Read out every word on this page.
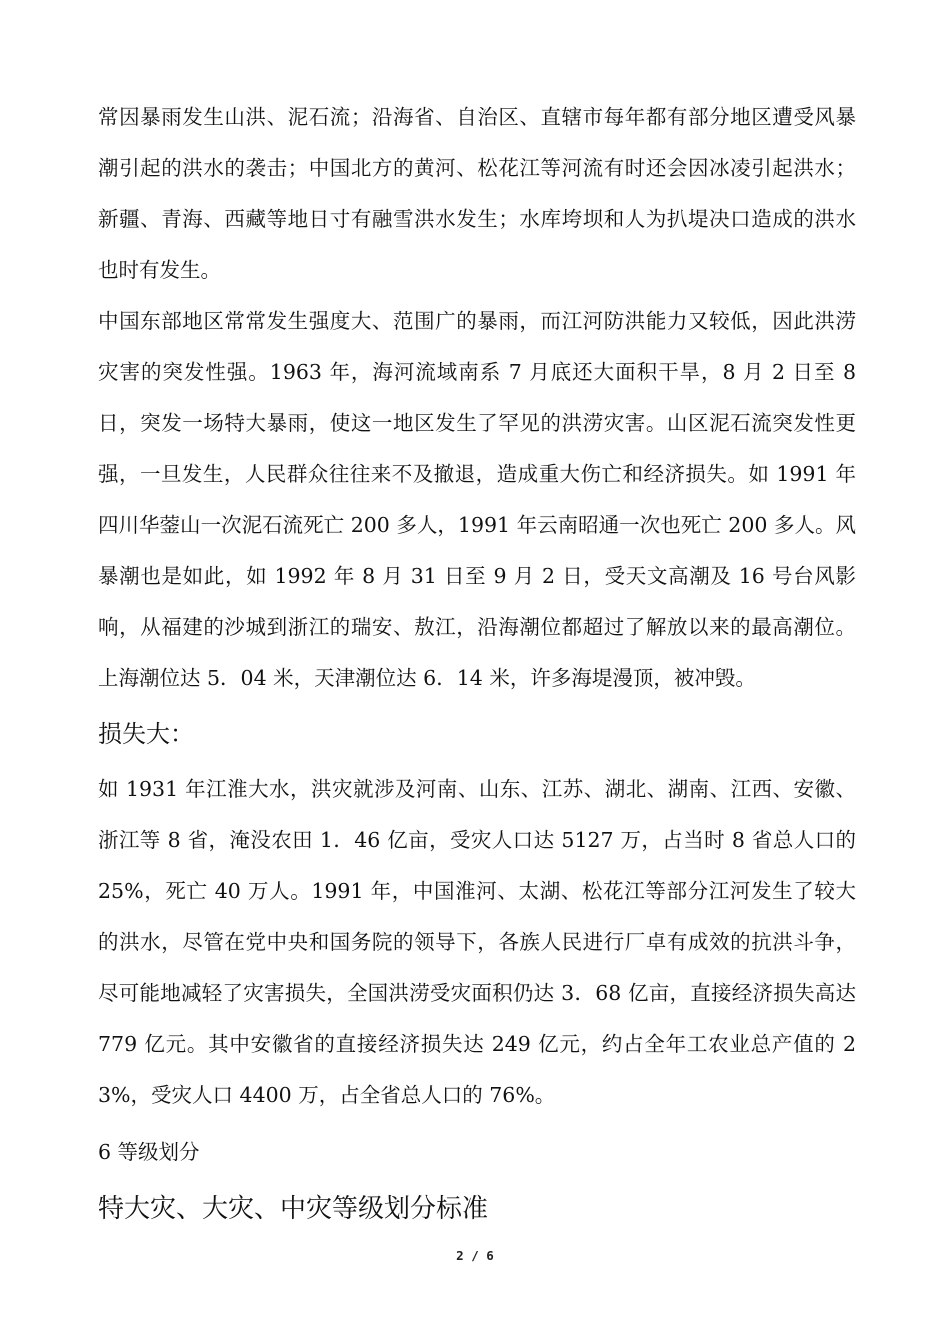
常因暴雨发生山洪、泥石流；沿海省、自治区、直辖市每年都有部分地区遭受风暴潮引起的洪水的袭击；中国北方的黄河、松花江等河流有时还会因冰凌引起洪水；新疆、青海、西藏等地日寸有融雪洪水发生；水库垮坝和人为扒堤决口造成的洪水也时有发生。

中国东部地区常常发生强度大、范围广的暴雨，而江河防洪能力又较低，因此洪涝灾害的突发性强。1963 年，海河流域南系 7 月底还大面积干旱，8 月 2 日至 8 日，突发一场特大暴雨，使这一地区发生了罕见的洪涝灾害。山区泥石流突发性更强，一旦发生，人民群众往往来不及撤退，造成重大伤亡和经济损失。如 1991 年四川华蓥山一次泥石流死亡 200 多人，1991 年云南昭通一次也死亡 200 多人。风暴潮也是如此，如 1992 年 8 月 31 日至 9 月 2 日，受天文高潮及 16 号台风影响，从福建的沙城到浙江的瑞安、敖江，沿海潮位都超过了解放以来的最高潮位。上海潮位达 5．04 米，天津潮位达 6．14 米，许多海堤漫顶，被冲毁。

损失大：

如 1931 年江淮大水，洪灾就涉及河南、山东、江苏、湖北、湖南、江西、安徽、浙江等 8 省，淹没农田 1．46 亿亩，受灾人口达 5127 万，占当时 8 省总人口的 25%，死亡 40 万人。1991 年，中国淮河、太湖、松花江等部分江河发生了较大的洪水，尽管在党中央和国务院的领导下，各族人民进行厂卓有成效的抗洪斗争，尽可能地减轻了灾害损失，全国洪涝受灾面积仍达 3．68 亿亩，直接经济损失高达 779 亿元。其中安徽省的直接经济损失达 249 亿元，约占全年工农业总产值的 23%，受灾人口 4400 万，占全省总人口的 76%。

6 等级划分
特大灾、大灾、中灾等级划分标准
2 / 6
